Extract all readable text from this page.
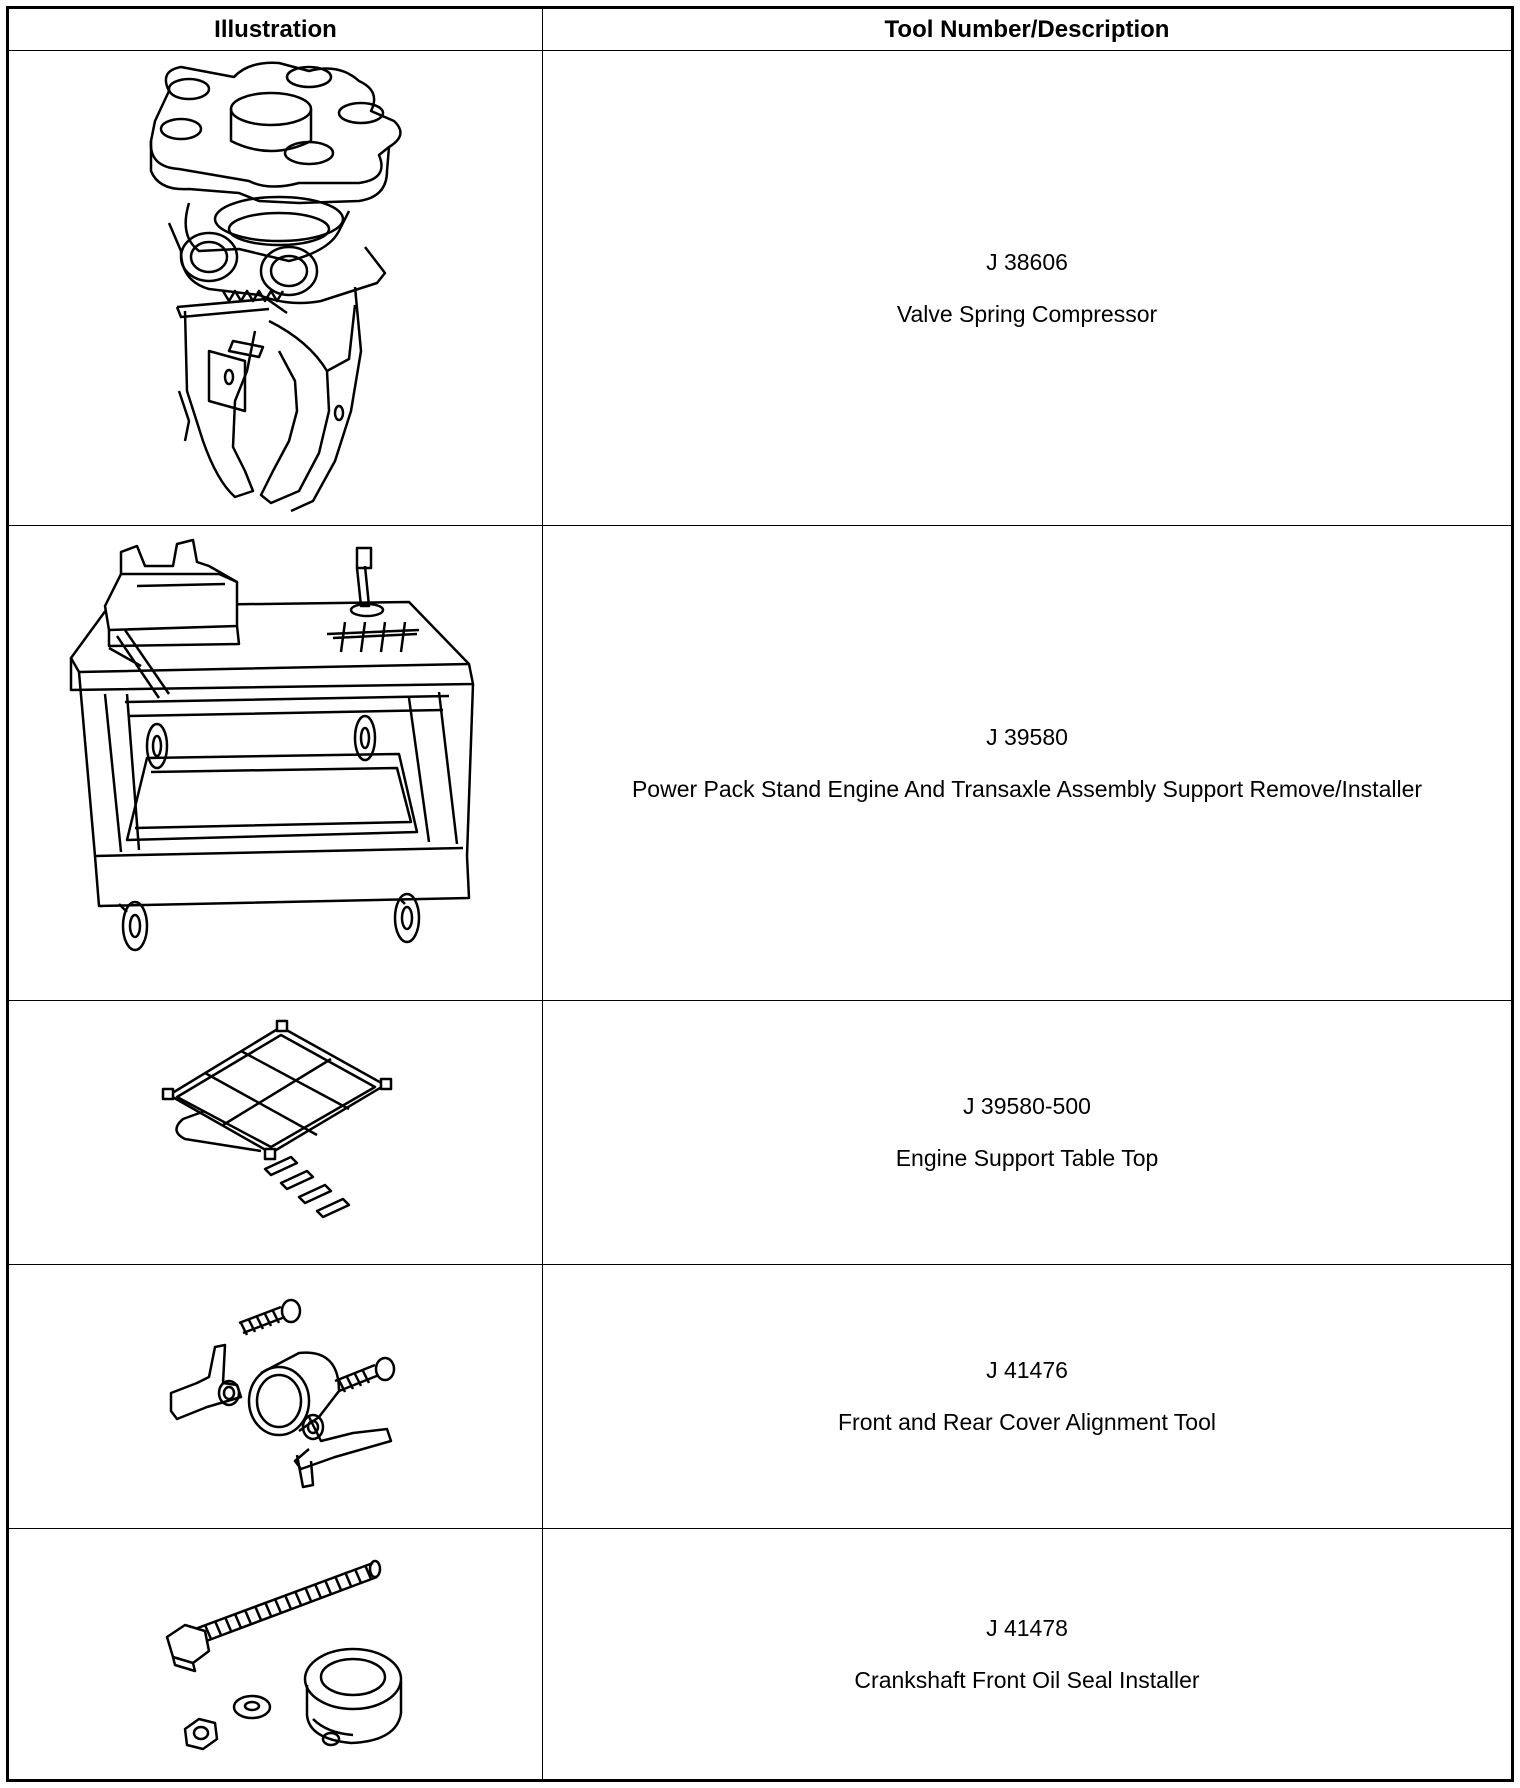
Illustration	Tool Number/Description
J 38606
Valve Spring Compressor
J 39580
Power Pack Stand Engine And Transaxle Assembly Support Remove/Installer
J 39580-500
Engine Support Table Top
J 41476
Front and Rear Cover Alignment Tool
J 41478
Crankshaft Front Oil Seal Installer
